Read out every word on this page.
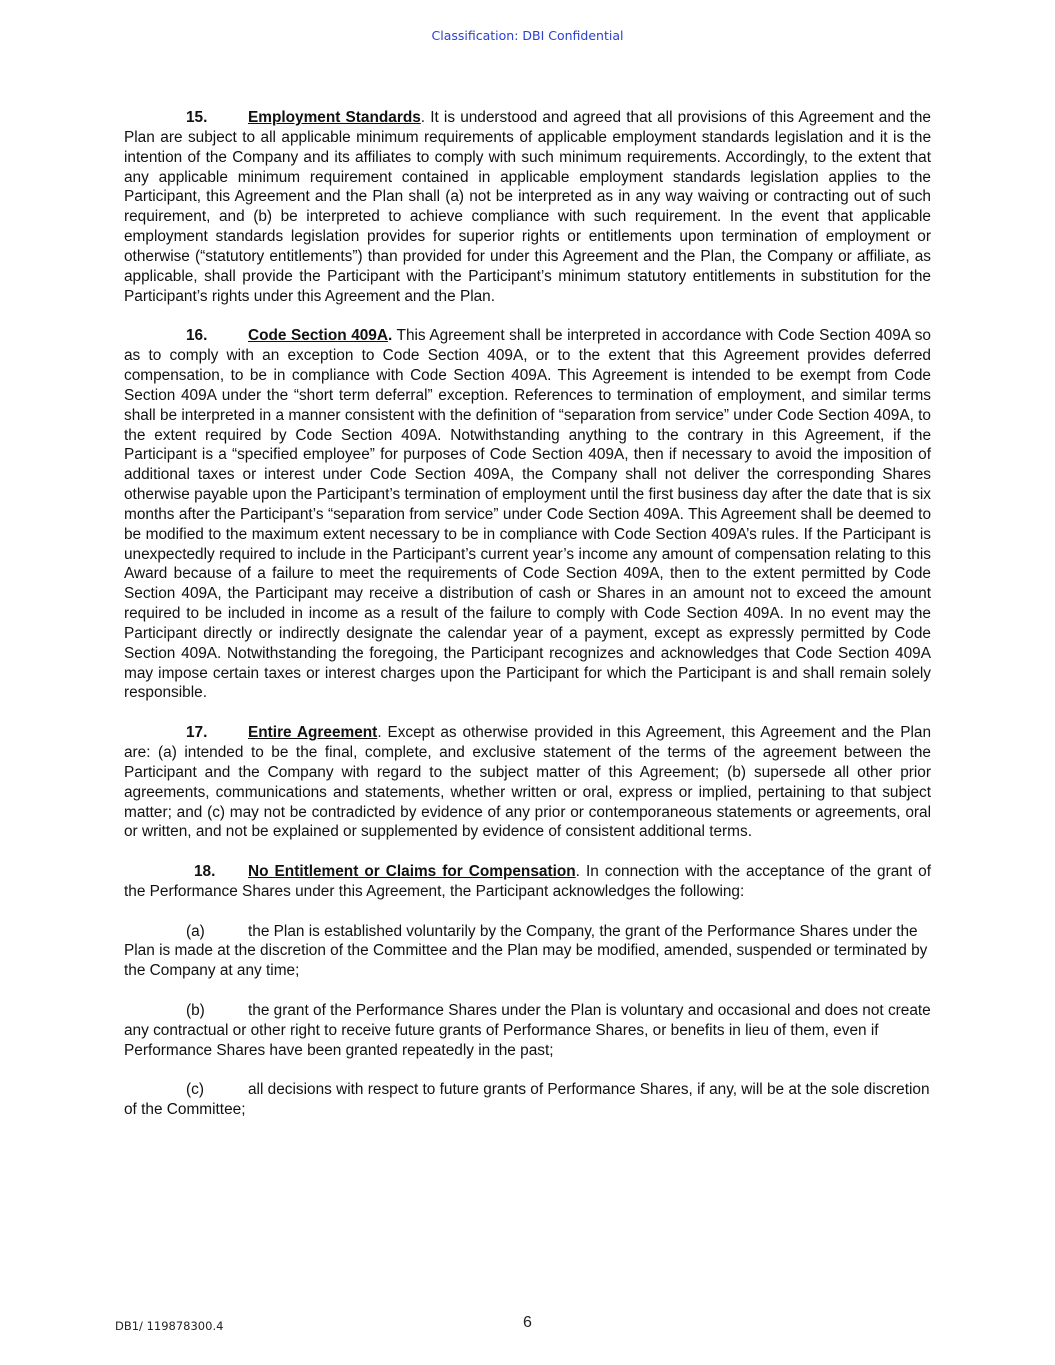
Classification: DBI Confidential

15.	Employment Standards. It is understood and agreed that all provisions of this Agreement and the Plan are subject to all applicable minimum requirements of applicable employment standards legislation and it is the intention of the Company and its affiliates to comply with such minimum requirements. Accordingly, to the extent that any applicable minimum requirement contained in applicable employment standards legislation applies to the Participant, this Agreement and the Plan shall (a) not be interpreted as in any way waiving or contracting out of such requirement, and (b) be interpreted to achieve compliance with such requirement. In the event that applicable employment standards legislation provides for superior rights or entitlements upon termination of employment or otherwise (“statutory entitlements”) than provided for under this Agreement and the Plan, the Company or affiliate, as applicable, shall provide the Participant with the Participant’s minimum statutory entitlements in substitution for the Participant’s rights under this Agreement and the Plan.

16.	Code Section 409A. This Agreement shall be interpreted in accordance with Code Section 409A so as to comply with an exception to Code Section 409A, or to the extent that this Agreement provides deferred compensation, to be in compliance with Code Section 409A. This Agreement is intended to be exempt from Code Section 409A under the “short term deferral” exception. References to termination of employment, and similar terms shall be interpreted in a manner consistent with the definition of “separation from service” under Code Section 409A, to the extent required by Code Section 409A. Notwithstanding anything to the contrary in this Agreement, if the Participant is a “specified employee” for purposes of Code Section 409A, then if necessary to avoid the imposition of additional taxes or interest under Code Section 409A, the Company shall not deliver the corresponding Shares otherwise payable upon the Participant’s termination of employment until the first business day after the date that is six months after the Participant’s “separation from service” under Code Section 409A. This Agreement shall be deemed to be modified to the maximum extent necessary to be in compliance with Code Section 409A’s rules. If the Participant is unexpectedly required to include in the Participant’s current year’s income any amount of compensation relating to this Award because of a failure to meet the requirements of Code Section 409A, then to the extent permitted by Code Section 409A, the Participant may receive a distribution of cash or Shares in an amount not to exceed the amount required to be included in income as a result of the failure to comply with Code Section 409A. In no event may the Participant directly or indirectly designate the calendar year of a payment, except as expressly permitted by Code Section 409A. Notwithstanding the foregoing, the Participant recognizes and acknowledges that Code Section 409A may impose certain taxes or interest charges upon the Participant for which the Participant is and shall remain solely responsible.

17.	Entire Agreement. Except as otherwise provided in this Agreement, this Agreement and the Plan are: (a) intended to be the final, complete, and exclusive statement of the terms of the agreement between the Participant and the Company with regard to the subject matter of this Agreement; (b) supersede all other prior agreements, communications and statements, whether written or oral, express or implied, pertaining to that subject matter; and (c) may not be contradicted by evidence of any prior or contemporaneous statements or agreements, oral or written, and not be explained or supplemented by evidence of consistent additional terms.

18. No Entitlement or Claims for Compensation. In connection with the acceptance of the grant of the Performance Shares under this Agreement, the Participant acknowledges the following:

(a)	the Plan is established voluntarily by the Company, the grant of the Performance Shares under the Plan is made at the discretion of the Committee and the Plan may be modified, amended, suspended or terminated by the Company at any time;

(b)	the grant of the Performance Shares under the Plan is voluntary and occasional and does not create any contractual or other right to receive future grants of Performance Shares, or benefits in lieu of them, even if Performance Shares have been granted repeatedly in the past;

(c)	all decisions with respect to future grants of Performance Shares, if any, will be at the sole discretion of the Committee;

DB1/ 119878300.4	6
